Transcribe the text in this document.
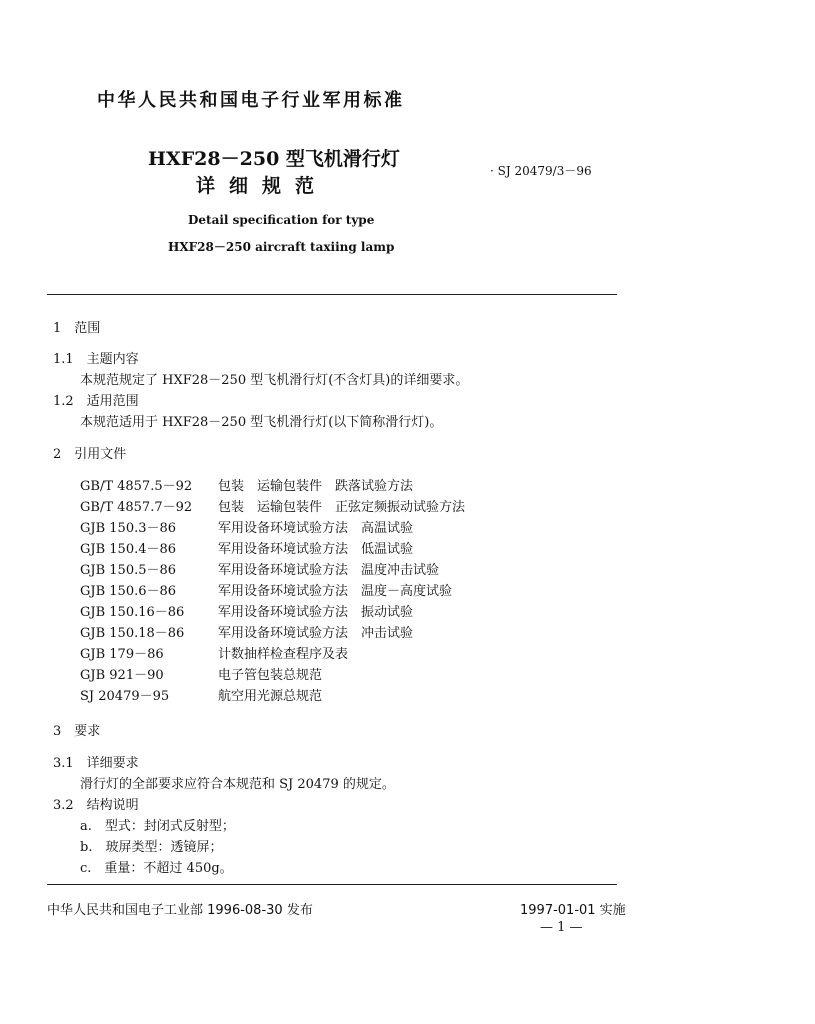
中华人民共和国电子行业军用标准
HXF28－250 型飞机滑行灯
详细规范
· SJ 20479/3－96
Detail specification for type
HXF28－250 aircraft taxiing lamp
1　范围
1.1　主题内容
本规范规定了 HXF28－250 型飞机滑行灯(不含灯具)的详细要求。
1.2　适用范围
本规范适用于 HXF28－250 型飞机滑行灯(以下简称滑行灯)。
2　引用文件
GB/T 4857.5－92 包装　运输包装件　跌落试验方法
GB/T 4857.7－92 包装　运输包装件　正弦定频振动试验方法
GJB 150.3－86	军用设备环境试验方法　高温试验
GJB 150.4－86	军用设备环境试验方法　低温试验
GJB 150.5－86	军用设备环境试验方法　温度冲击试验
GJB 150.6－86	军用设备环境试验方法　温度－高度试验
GJB 150.16－86	军用设备环境试验方法　振动试验
GJB 150.18－86	军用设备环境试验方法　冲击试验
GJB 179－86	计数抽样检查程序及表
GJB 921－90	电子管包装总规范
SJ 20479－95	航空用光源总规范
3　要求
3.1　详细要求
滑行灯的全部要求应符合本规范和 SJ 20479 的规定。
3.2　结构说明
a.　型式：封闭式反射型；
b.　玻屏类型：透镜屏；
c.　重量：不超过 450g。
中华人民共和国电子工业部 1996-08-30 发布	1997-01-01 实施
— 1 —
